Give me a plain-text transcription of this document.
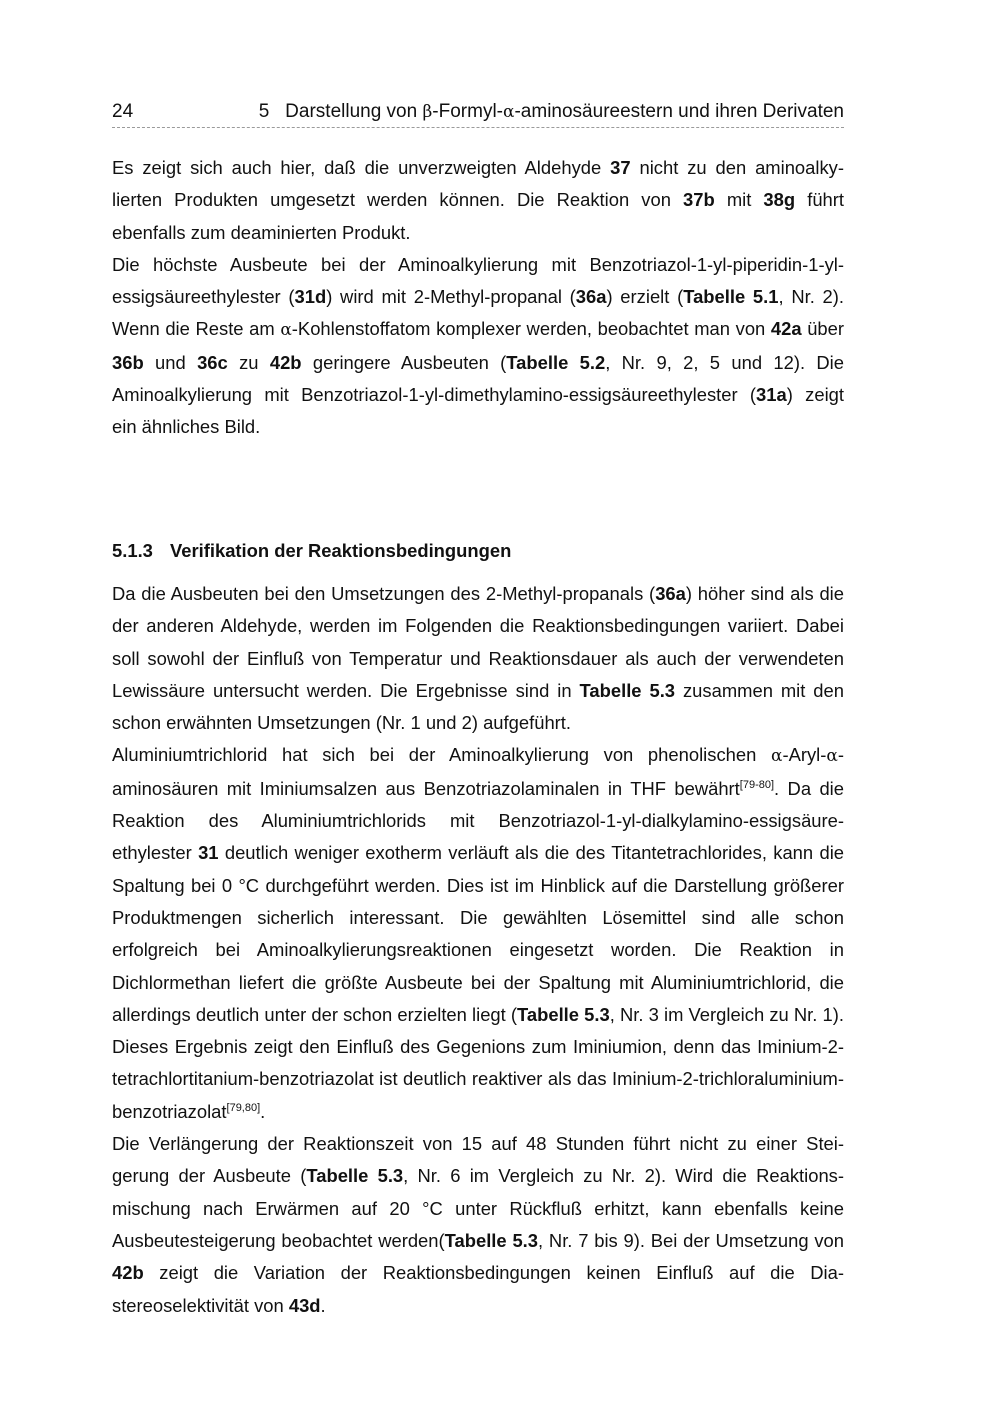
24	5 Darstellung von β-Formyl-α-aminosäureestern und ihren Derivaten

Es zeigt sich auch hier, daß die unverzweigten Aldehyde 37 nicht zu den aminoalky-lierten Produkten umgesetzt werden können. Die Reaktion von 37b mit 38g führt ebenfalls zum deaminierten Produkt.

Die höchste Ausbeute bei der Aminoalkylierung mit Benzotriazol-1-yl-piperidin-1-yl-essigsäureethylester (31d) wird mit 2-Methyl-propanal (36a) erzielt (Tabelle 5.1, Nr. 2). Wenn die Reste am α-Kohlenstoffatom komplexer werden, beobachtet man von 42a über 36b und 36c zu 42b geringere Ausbeuten (Tabelle 5.2, Nr. 9, 2, 5 und 12). Die Aminoalkylierung mit Benzotriazol-1-yl-dimethylamino-essigsäureethylester (31a) zeigt ein ähnliches Bild.

5.1.3 Verifikation der Reaktionsbedingungen

Da die Ausbeuten bei den Umsetzungen des 2-Methyl-propanals (36a) höher sind als die der anderen Aldehyde, werden im Folgenden die Reaktionsbedingungen variiert. Dabei soll sowohl der Einfluß von Temperatur und Reaktionsdauer als auch der verwendeten Lewissäure untersucht werden. Die Ergebnisse sind in Tabelle 5.3 zusammen mit den schon erwähnten Umsetzungen (Nr. 1 und 2) aufgeführt.

Aluminiumtrichlorid hat sich bei der Aminoalkylierung von phenolischen α-Aryl-α-aminosäuren mit Iminiumsalzen aus Benzotriazolaminalen in THF bewährt[79-80]. Da die Reaktion des Aluminiumtrichlorids mit Benzotriazol-1-yl-dialkylamino-essigsäure-ethylester 31 deutlich weniger exotherm verläuft als die des Titantetrachlorides, kann die Spaltung bei 0 °C durchgeführt werden. Dies ist im Hinblick auf die Darstellung größerer Produktmengen sicherlich interessant. Die gewählten Lösemittel sind alle schon erfolgreich bei Aminoalkylierungsreaktionen eingesetzt worden. Die Reaktion in Dichlormethan liefert die größte Ausbeute bei der Spaltung mit Aluminiumtrichlorid, die allerdings deutlich unter der schon erzielten liegt (Tabelle 5.3, Nr. 3 im Vergleich zu Nr. 1). Dieses Ergebnis zeigt den Einfluß des Gegenions zum Iminiumion, denn das Iminium-2-tetrachlortitanium-benzotriazolat ist deutlich reaktiver als das Iminium-2-trichloraluminium-benzotriazolat[79,80].

Die Verlängerung der Reaktionszeit von 15 auf 48 Stunden führt nicht zu einer Stei-gerung der Ausbeute (Tabelle 5.3, Nr. 6 im Vergleich zu Nr. 2). Wird die Reaktions-mischung nach Erwärmen auf 20 °C unter Rückfluß erhitzt, kann ebenfalls keine Ausbeutesteigerung beobachtet werden(Tabelle 5.3, Nr. 7 bis 9). Bei der Umsetzung von 42b zeigt die Variation der Reaktionsbedingungen keinen Einfluß auf die Dia-stereoselektivität von 43d.
